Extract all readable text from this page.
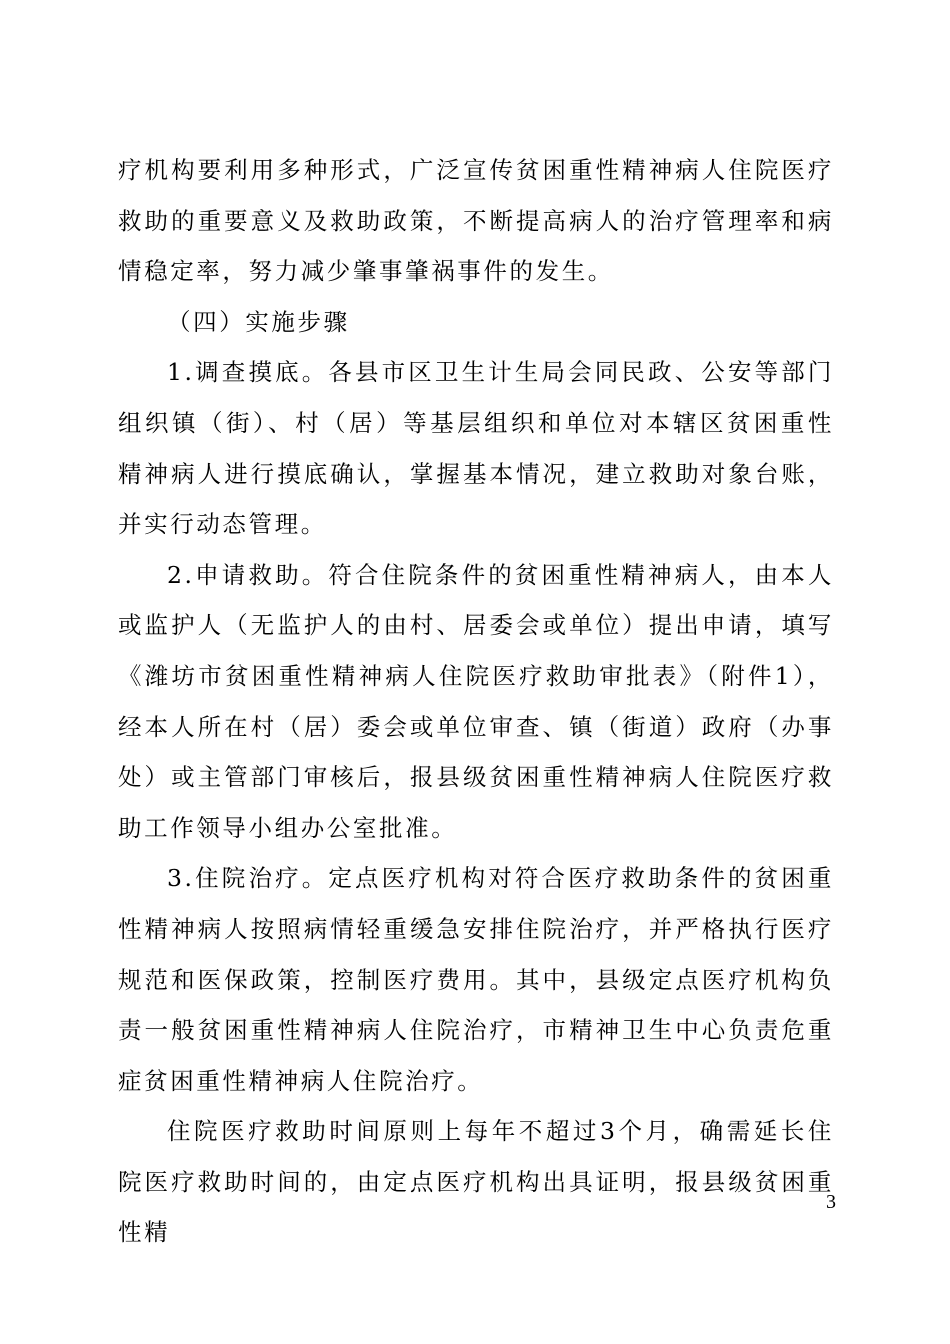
疗机构要利用多种形式，广泛宣传贫困重性精神病人住院医疗救助的重要意义及救助政策，不断提高病人的治疗管理率和病情稳定率，努力减少肇事肇祸事件的发生。

（四）实施步骤

1.调查摸底。各县市区卫生计生局会同民政、公安等部门组织镇（街）、村（居）等基层组织和单位对本辖区贫困重性精神病人进行摸底确认，掌握基本情况，建立救助对象台账，并实行动态管理。

2.申请救助。符合住院条件的贫困重性精神病人，由本人或监护人（无监护人的由村、居委会或单位）提出申请，填写《潍坊市贫困重性精神病人住院医疗救助审批表》（附件1），经本人所在村（居）委会或单位审查、镇（街道）政府（办事处）或主管部门审核后，报县级贫困重性精神病人住院医疗救助工作领导小组办公室批准。

3.住院治疗。定点医疗机构对符合医疗救助条件的贫困重性精神病人按照病情轻重缓急安排住院治疗，并严格执行医疗规范和医保政策，控制医疗费用。其中，县级定点医疗机构负责一般贫困重性精神病人住院治疗，市精神卫生中心负责危重症贫困重性精神病人住院治疗。

住院医疗救助时间原则上每年不超过3个月，确需延长住院医疗救助时间的，由定点医疗机构出具证明，报县级贫困重性精

3
